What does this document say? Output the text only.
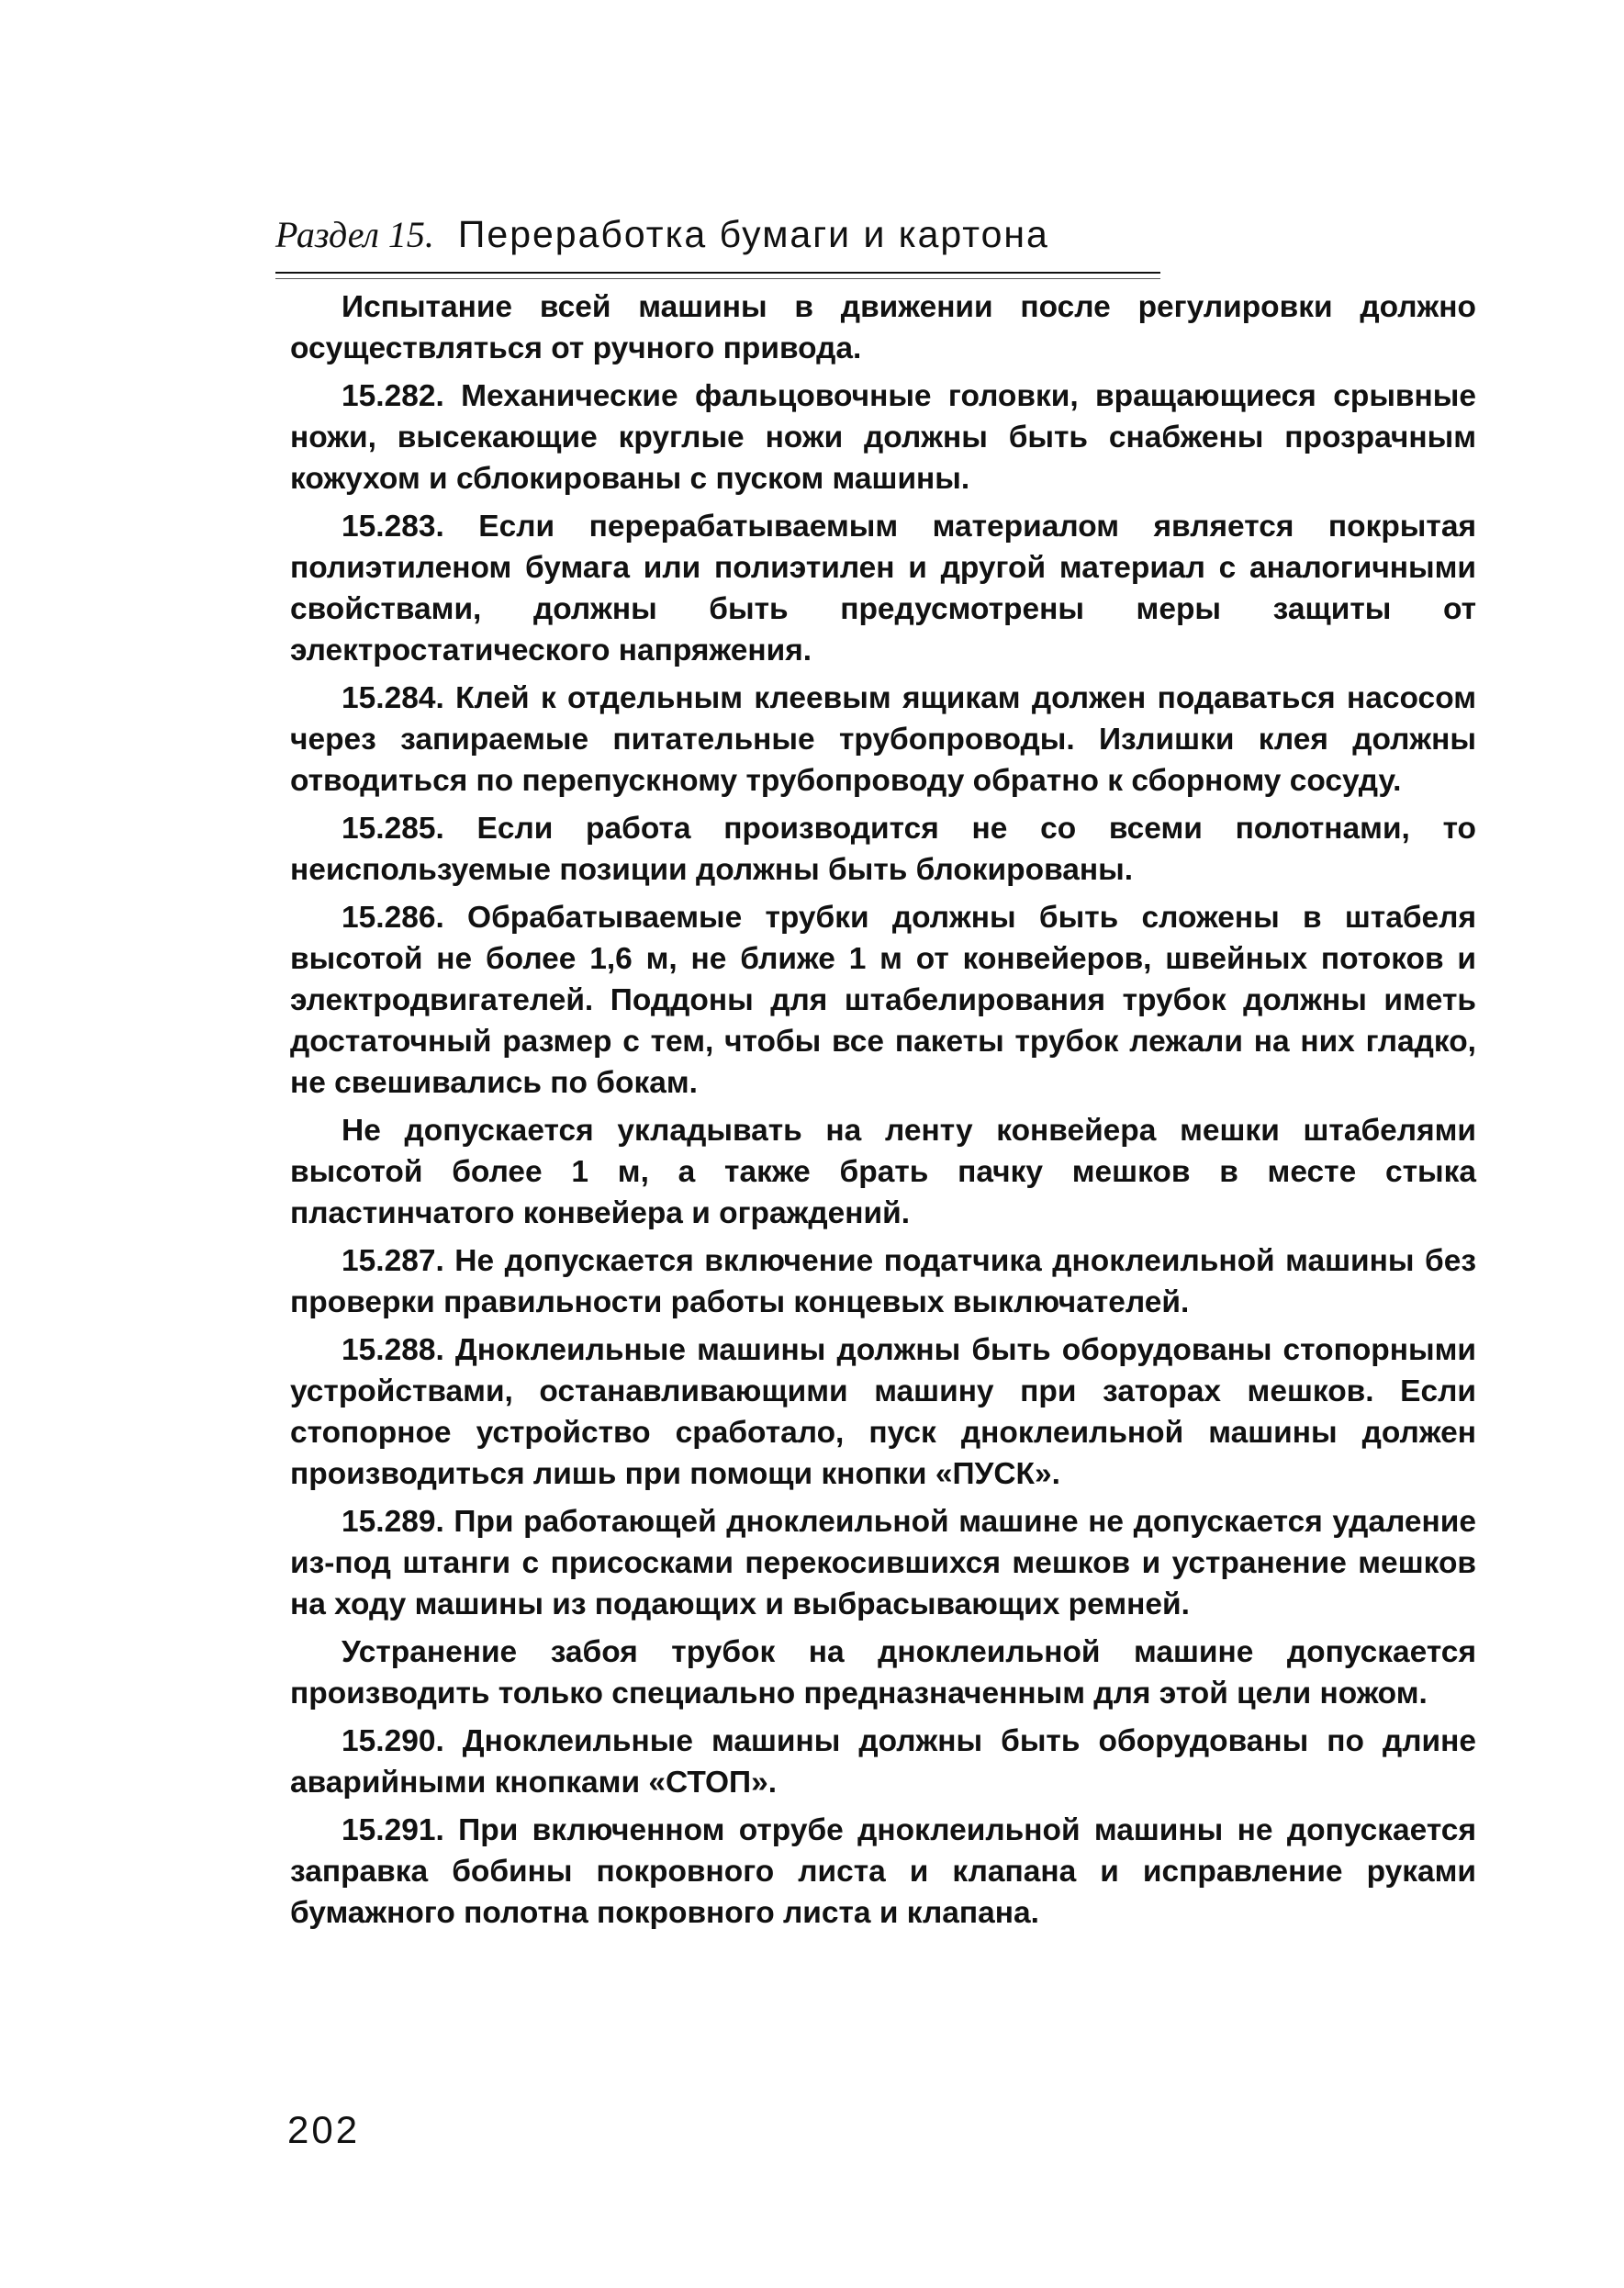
Раздел 15. Переработка бумаги и картона

Испытание всей машины в движении после регулировки должно осуществляться от ручного привода.

15.282. Механические фальцовочные головки, вращающиеся срывные ножи, высекающие круглые ножи должны быть снабжены прозрачным кожухом и сблокированы с пуском машины.

15.283. Если перерабатываемым материалом является покрытая полиэтиленом бумага или полиэтилен и другой материал с аналогичными свойствами, должны быть предусмотрены меры защиты от электростатического напряжения.

15.284. Клей к отдельным клеевым ящикам должен подаваться насосом через запираемые питательные трубопроводы. Излишки клея должны отводиться по перепускному трубопроводу обратно к сборному сосуду.

15.285. Если работа производится не со всеми полотнами, то неиспользуемые позиции должны быть блокированы.

15.286. Обрабатываемые трубки должны быть сложены в штабеля высотой не более 1,6 м, не ближе 1 м от конвейеров, швейных потоков и электродвигателей. Поддоны для штабелирования трубок должны иметь достаточный размер с тем, чтобы все пакеты трубок лежали на них гладко, не свешивались по бокам.

Не допускается укладывать на ленту конвейера мешки штабелями высотой более 1 м, а также брать пачку мешков в месте стыка пластинчатого конвейера и ограждений.

15.287. Не допускается включение податчика дноклеильной машины без проверки правильности работы концевых выключателей.

15.288. Дноклеильные машины должны быть оборудованы стопорными устройствами, останавливающими машину при заторах мешков. Если стопорное устройство сработало, пуск дноклеильной машины должен производиться лишь при помощи кнопки «ПУСК».

15.289. При работающей дноклеильной машине не допускается удаление из-под штанги с присосками перекосившихся мешков и устранение мешков на ходу машины из подающих и выбрасывающих ремней.

Устранение забоя трубок на дноклеильной машине допускается производить только специально предназначенным для этой цели ножом.

15.290. Дноклеильные машины должны быть оборудованы по длине аварийными кнопками «СТОП».

15.291. При включенном отрубе дноклеильной машины не допускается заправка бобины покровного листа и клапана и исправление руками бумажного полотна покровного листа и клапана.

202
